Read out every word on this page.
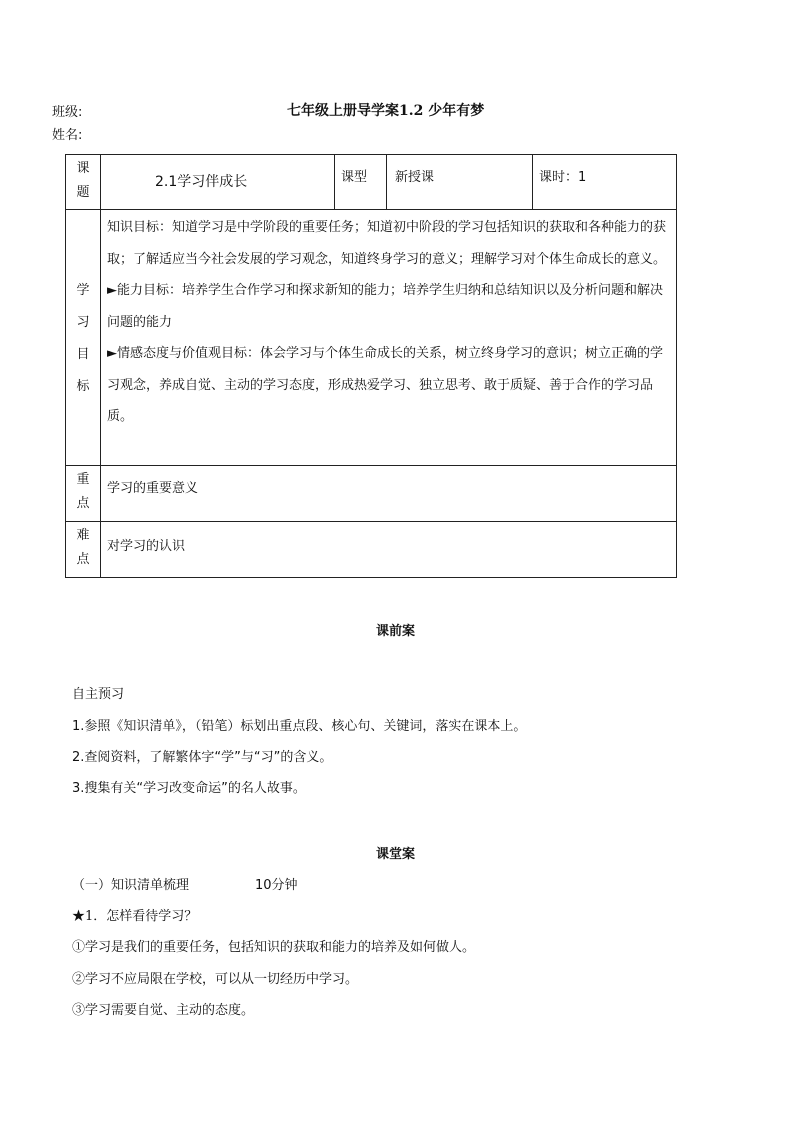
班级:	七年级上册导学案1.2 少年有梦
姓名:
课题	2.1学习伴成长	课型	新授课	课时：1

学习目标	知识目标：知道学习是中学阶段的重要任务；知道初中阶段的学习包括知识的获取和各种能力的获取；了解适应当今社会发展的学习观念，知道终身学习的意义；理解学习对个体生命成长的意义。
►能力目标：培养学生合作学习和探求新知的能力；培养学生归纳和总结知识以及分析问题和解决问题的能力
►情感态度与价值观目标：体会学习与个体生命成长的关系，树立终身学习的意识；树立正确的学习观念，养成自觉、主动的学习态度，形成热爱学习、独立思考、敢于质疑、善于合作的学习品质。			

重点	学习的重要意义			

难点	对学习的认识			
课前案
自主预习
1.参照《知识清单》，（铅笔）标划出重点段、核心句、关键词，落实在课本上。
2.查阅资料，了解繁体字“学”与“习”的含义。
3.搜集有关“学习改变命运”的名人故事。
课堂案
（一）知识清单梳理	10分钟
★1．怎样看待学习？
①学习是我们的重要任务，包括知识的获取和能力的培养及如何做人。
②学习不应局限在学校，可以从一切经历中学习。
③学习需要自觉、主动的态度。
